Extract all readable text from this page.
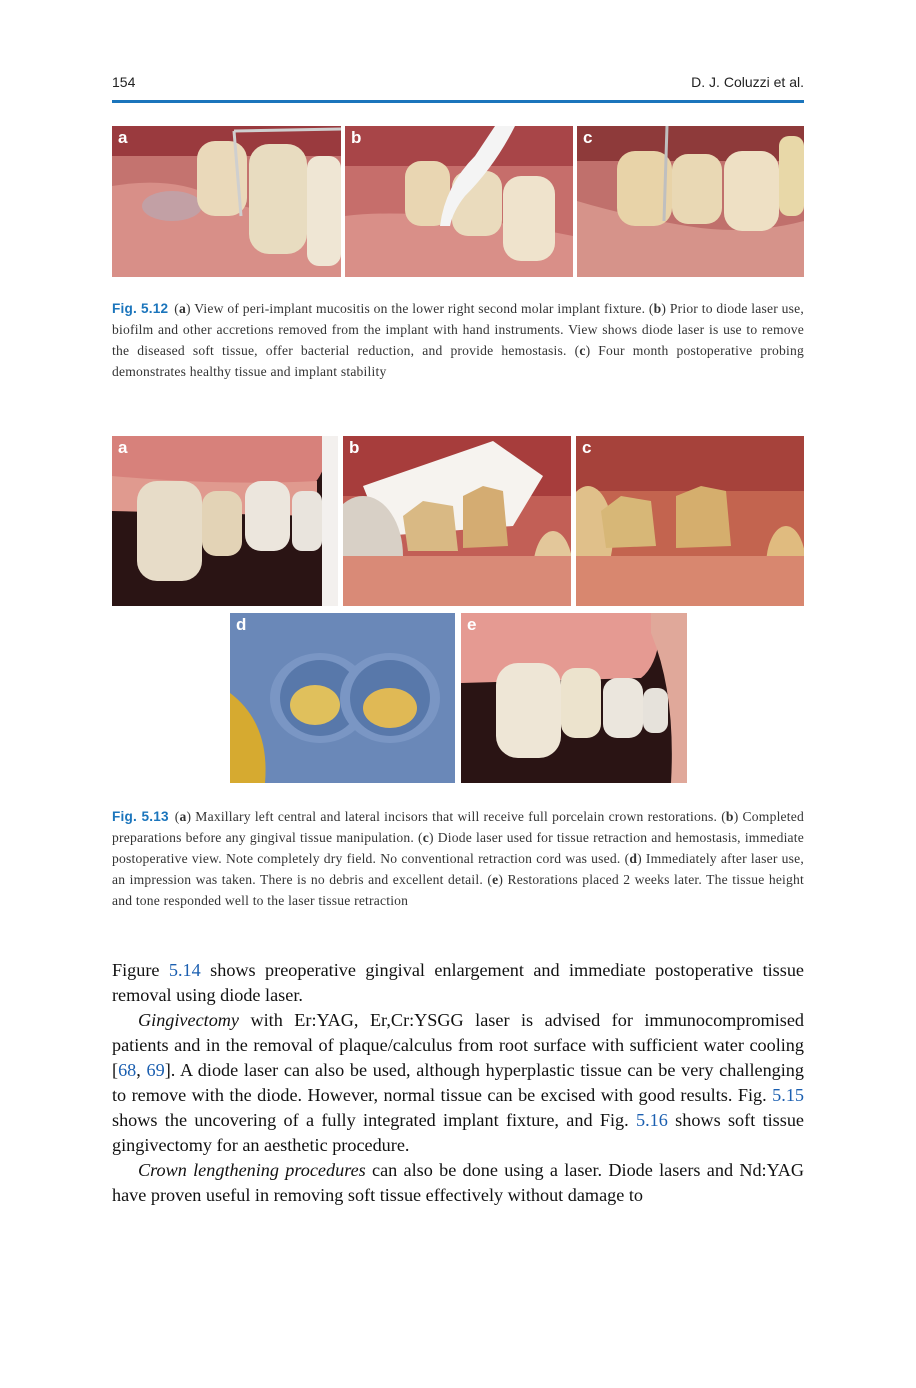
154	D. J. Coluzzi et al.
a	b	c
Fig. 5.12 (a) View of peri-implant mucositis on the lower right second molar implant fixture. (b) Prior to diode laser use, biofilm and other accretions removed from the implant with hand instruments. View shows diode laser is use to remove the diseased soft tissue, offer bacterial reduction, and provide hemostasis. (c) Four month postoperative probing demonstrates healthy tissue and implant stability
a	b	c
d	e
Fig. 5.13 (a) Maxillary left central and lateral incisors that will receive full porcelain crown restorations. (b) Completed preparations before any gingival tissue manipulation. (c) Diode laser used for tissue retraction and hemostasis, immediate postoperative view. Note completely dry field. No conventional retraction cord was used. (d) Immediately after laser use, an impression was taken. There is no debris and excellent detail. (e) Restorations placed 2 weeks later. The tissue height and tone responded well to the laser tissue retraction

Figure 5.14 shows preoperative gingival enlargement and immediate postoperative tissue removal using diode laser.

Gingivectomy with Er:YAG, Er,Cr:YSGG laser is advised for immunocompromised patients and in the removal of plaque/calculus from root surface with sufficient water cooling [68, 69]. A diode laser can also be used, although hyperplastic tissue can be very challenging to remove with the diode. However, normal tissue can be excised with good results. Fig. 5.15 shows the uncovering of a fully integrated implant fixture, and Fig. 5.16 shows soft tissue gingivectomy for an aesthetic procedure.

Crown lengthening procedures can also be done using a laser. Diode lasers and Nd:YAG have proven useful in removing soft tissue effectively without damage to
